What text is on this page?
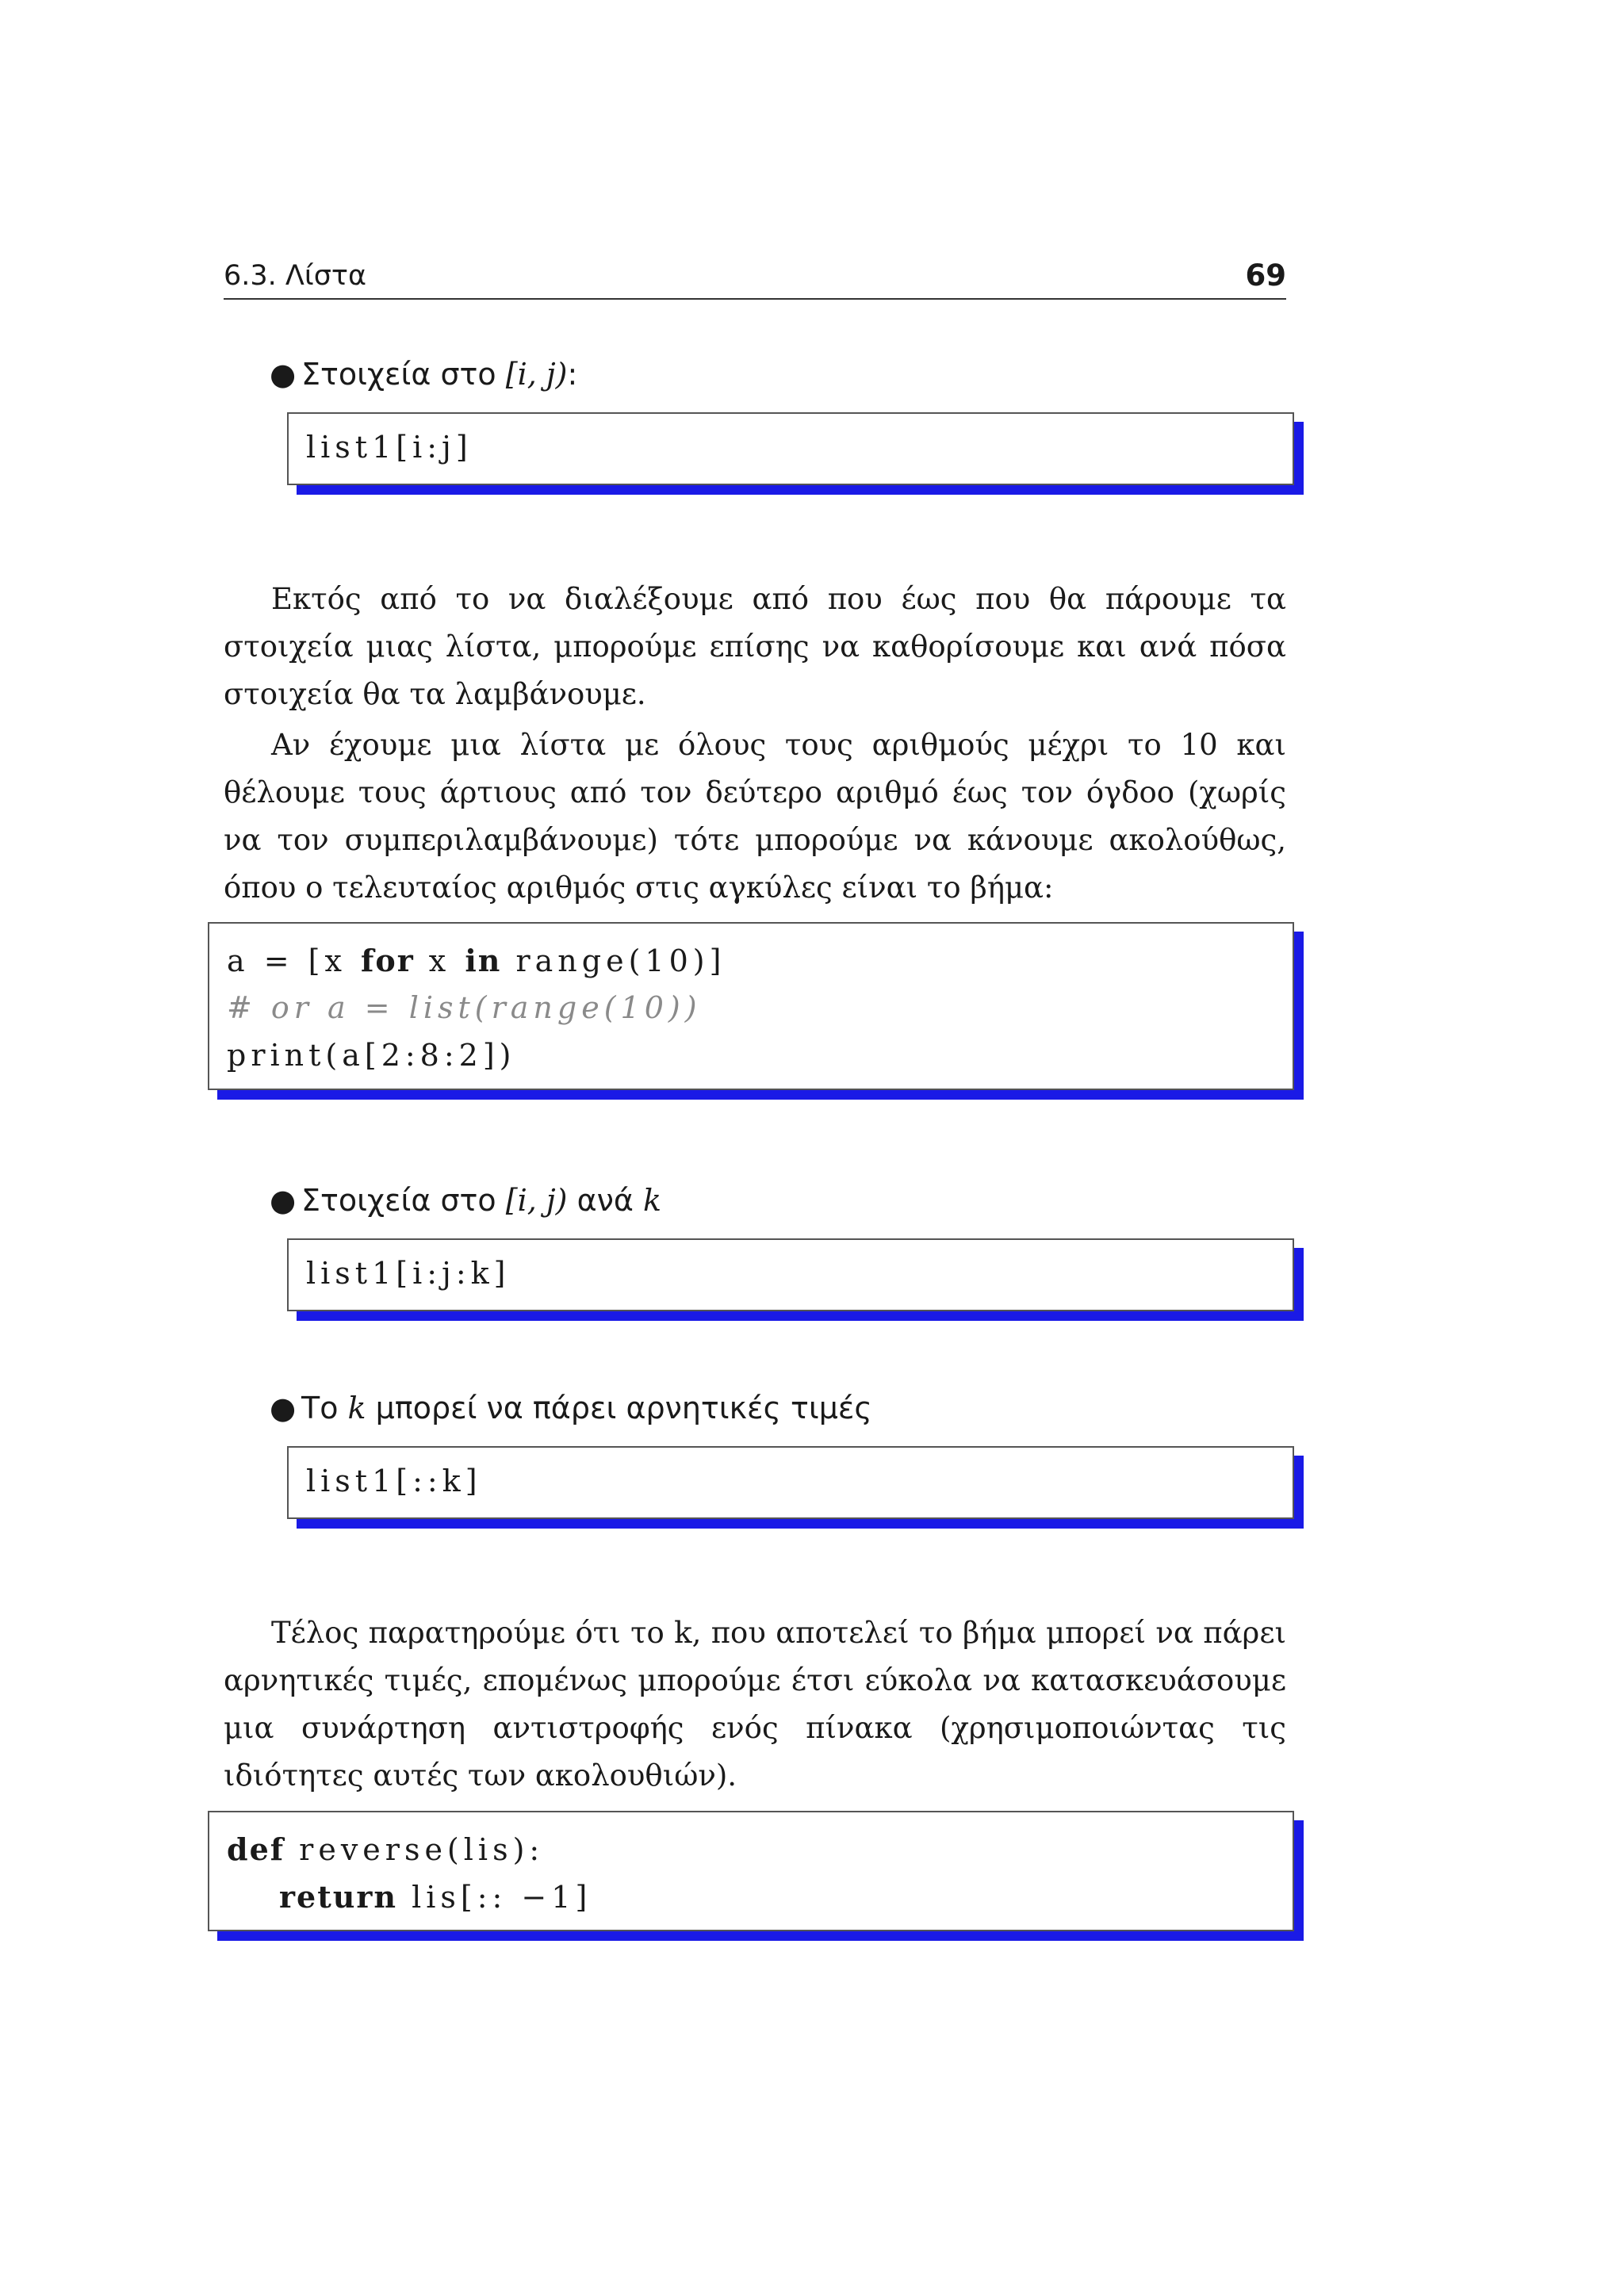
6.3. Λίστα	69
● Στοιχεία στο [i, j):
list1[i:j]
Εκτός από το να διαλέξουμε από που έως που θα πάρουμε τα στοιχεία μιας λίστα, μπορούμε επίσης να καθορίσουμε και ανά πόσα στοιχεία θα τα λαμβάνουμε.
Αν έχουμε μια λίστα με όλους τους αριθμούς μέχρι το 10 και θέλουμε τους άρτιους από τον δεύτερο αριθμό έως τον όγδοο (χωρίς να τον συμπεριλαμβάνουμε) τότε μπορούμε να κάνουμε ακολούθως, όπου ο τελευταίος αριθμός στις αγκύλες είναι το βήμα:
a = [x for x in range(10)]
# or a = list(range(10))
print(a[2:8:2])
● Στοιχεία στο [i, j) ανά k
list1[i:j:k]
● Το k μπορεί να πάρει αρνητικές τιμές
list1[::k]
Τέλος παρατηρούμε ότι το k, που αποτελεί το βήμα μπορεί να πάρει αρνητικές τιμές, επομένως μπορούμε έτσι εύκολα να κατασκευάσουμε μια συνάρτηση αντιστροφής ενός πίνακα (χρησιμοποιώντας τις ιδιότητες αυτές των ακολουθιών).
def reverse(lis):
return lis[:: −1]
